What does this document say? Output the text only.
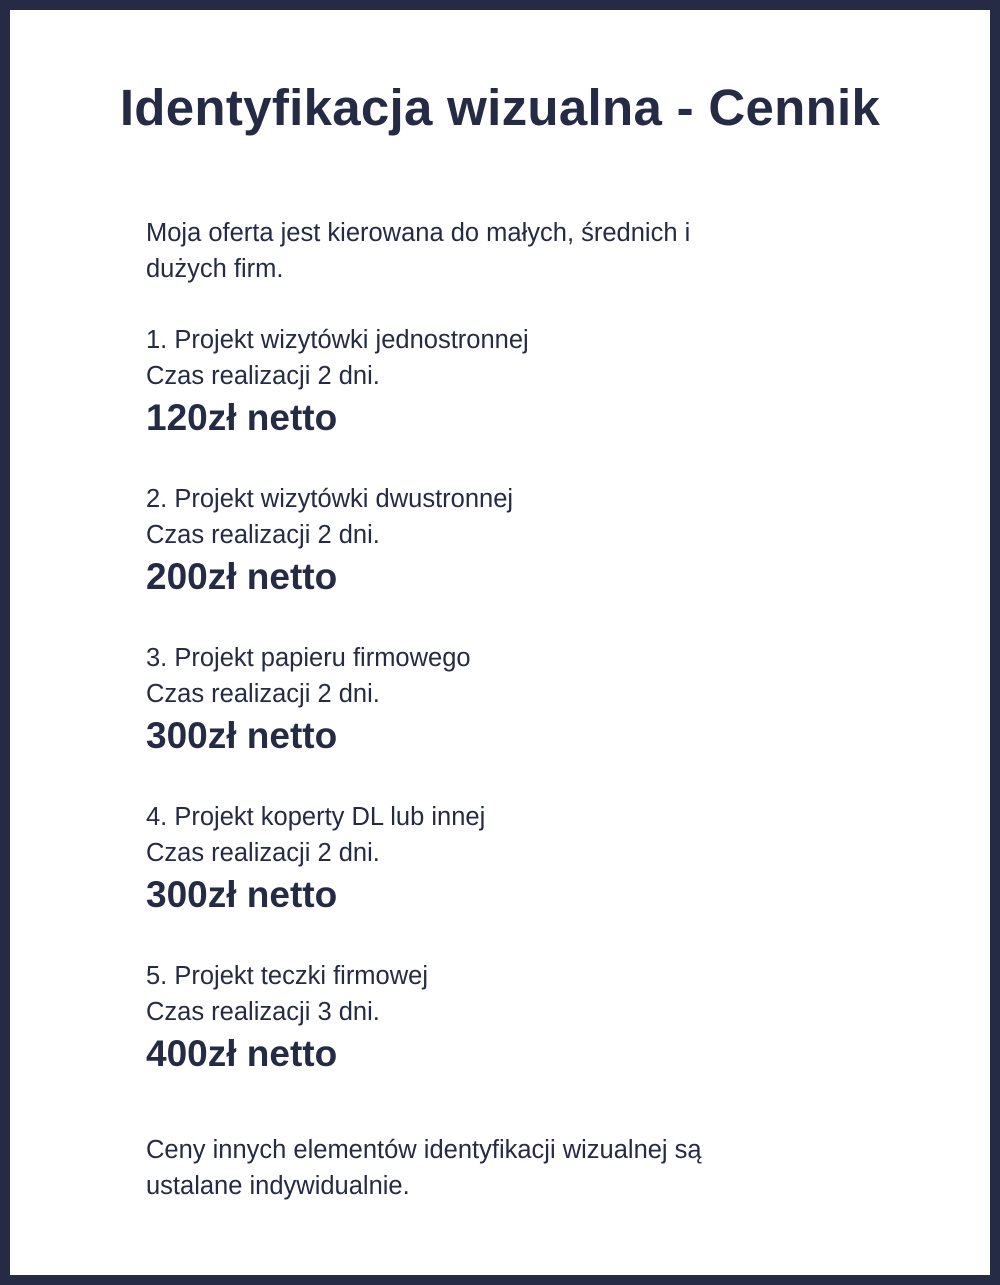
Identyfikacja wizualna - Cennik
Moja oferta jest kierowana do małych, średnich i
dużych firm.
1. Projekt wizytówki jednostronnej
Czas realizacji 2 dni.
120zł netto
2. Projekt wizytówki dwustronnej
Czas realizacji 2 dni.
200zł netto
3. Projekt papieru firmowego
Czas realizacji 2 dni.
300zł netto
4. Projekt koperty DL lub innej
Czas realizacji 2 dni.
300zł netto
5. Projekt teczki firmowej
Czas realizacji 3 dni.
400zł netto
Ceny innych elementów identyfikacji wizualnej są
ustalane indywidualnie.
